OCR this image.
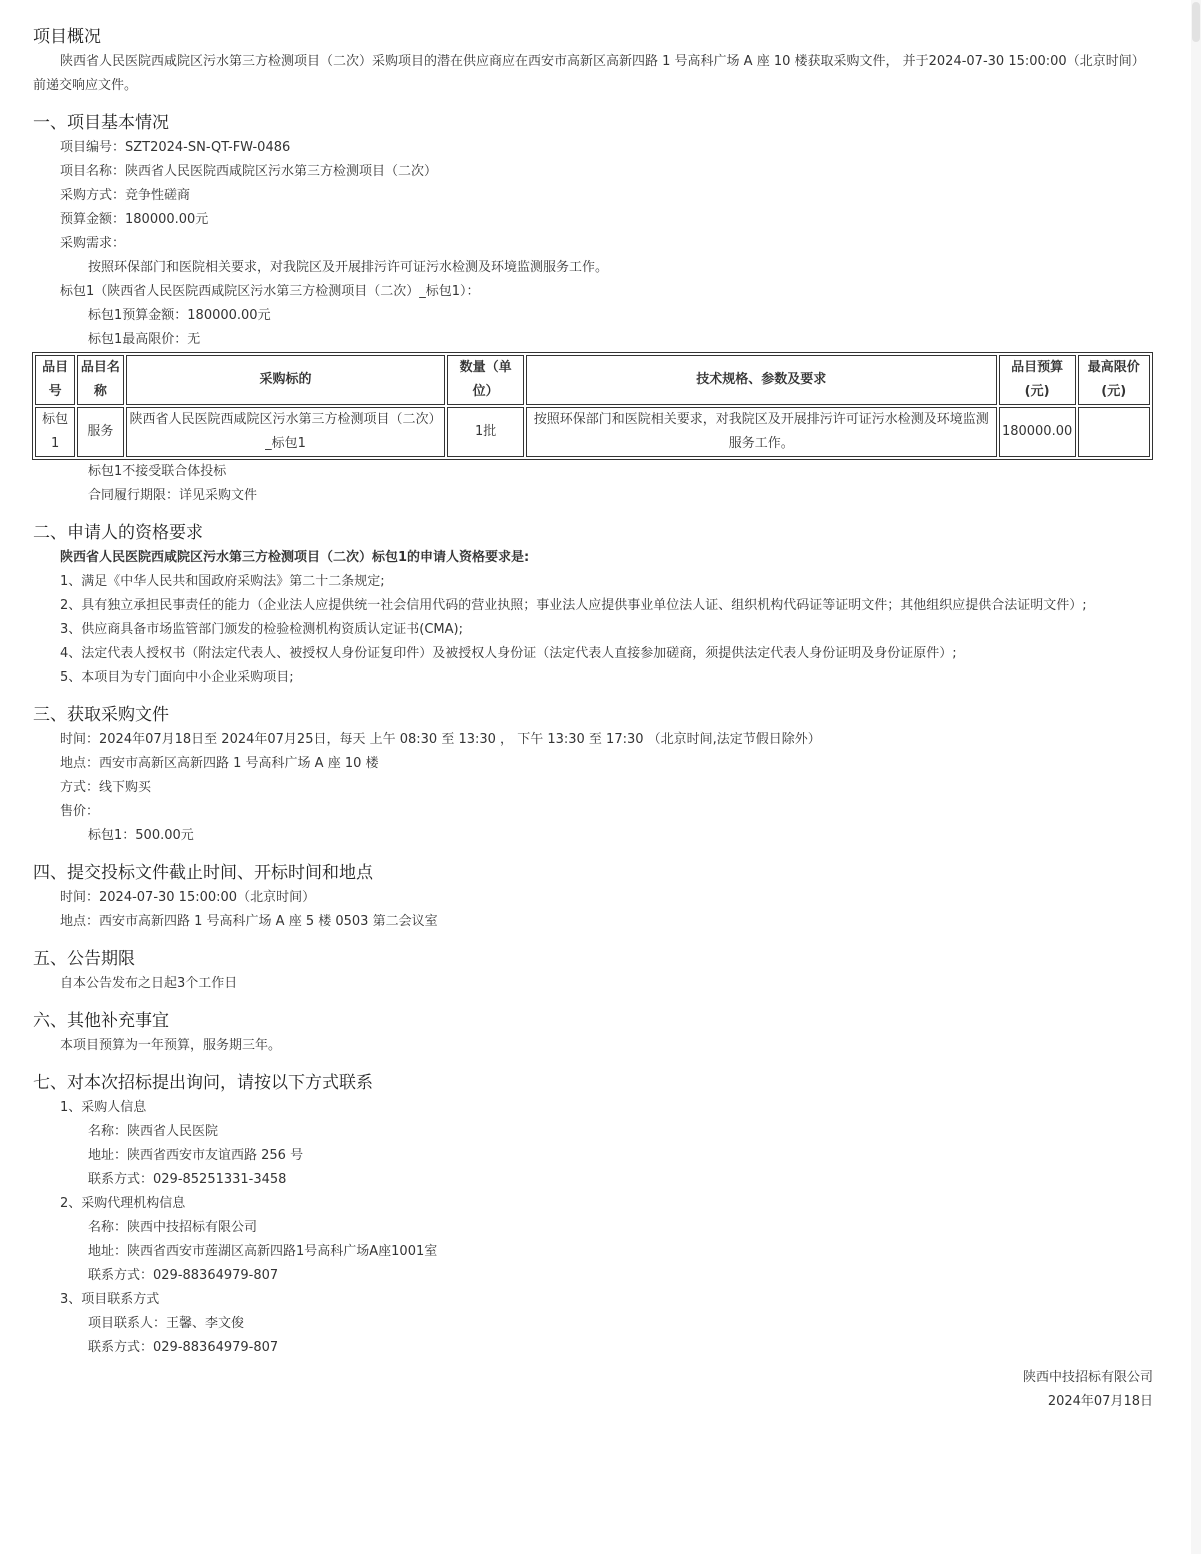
项目概况

陕西省人民医院西咸院区污水第三方检测项目（二次）采购项目的潜在供应商应在西安市高新区高新四路 1 号高科广场 A 座 10 楼获取采购文件， 并于2024-07-30 15:00:00（北京时间）前递交响应文件。

一、项目基本情况

项目编号：SZT2024-SN-QT-FW-0486

项目名称：陕西省人民医院西咸院区污水第三方检测项目（二次）

采购方式：竞争性磋商

预算金额：180000.00元

采购需求：

按照环保部门和医院相关要求，对我院区及开展排污许可证污水检测及环境监测服务工作。

标包1（陕西省人民医院西咸院区污水第三方检测项目（二次）_标包1）：

标包1预算金额：180000.00元

标包1最高限价：无

品目号	品目名称	采购标的	数量（单位）	技术规格、参数及要求	品目预算(元)	最高限价(元)
标包1	服务	陕西省人民医院西咸院区污水第三方检测项目（二次）_标包1	1批	按照环保部门和医院相关要求，对我院区及开展排污许可证污水检测及环境监测服务工作。	180000.00	

标包1不接受联合体投标

合同履行期限：详见采购文件

二、申请人的资格要求

陕西省人民医院西咸院区污水第三方检测项目（二次）标包1的申请人资格要求是:

1、满足《中华人民共和国政府采购法》第二十二条规定;

2、具有独立承担民事责任的能力（企业法人应提供统一社会信用代码的营业执照；事业法人应提供事业单位法人证、组织机构代码证等证明文件；其他组织应提供合法证明文件）;

3、供应商具备市场监管部门颁发的检验检测机构资质认定证书(CMA);

4、法定代表人授权书（附法定代表人、被授权人身份证复印件）及被授权人身份证（法定代表人直接参加磋商，须提供法定代表人身份证明及身份证原件）;

5、本项目为专门面向中小企业采购项目;

三、获取采购文件

时间：2024年07月18日至 2024年07月25日，每天 上午 08:30 至 13:30 ， 下午 13:30 至 17:30 （北京时间,法定节假日除外）

地点：西安市高新区高新四路 1 号高科广场 A 座 10 楼

方式：线下购买

售价：

标包1：500.00元

四、提交投标文件截止时间、开标时间和地点

时间：2024-07-30 15:00:00（北京时间）

地点：西安市高新四路 1 号高科广场 A 座 5 楼 0503 第二会议室

五、公告期限

自本公告发布之日起3个工作日

六、其他补充事宜

本项目预算为一年预算，服务期三年。

七、对本次招标提出询问，请按以下方式联系

1、采购人信息

名称：陕西省人民医院

地址：陕西省西安市友谊西路 256 号

联系方式：029-85251331-3458

2、采购代理机构信息

名称：陕西中技招标有限公司

地址：陕西省西安市莲湖区高新四路1号高科广场A座1001室

联系方式：029-88364979-807

3、项目联系方式

项目联系人：王馨、李文俊

联系方式：029-88364979-807

陕西中技招标有限公司

2024年07月18日
